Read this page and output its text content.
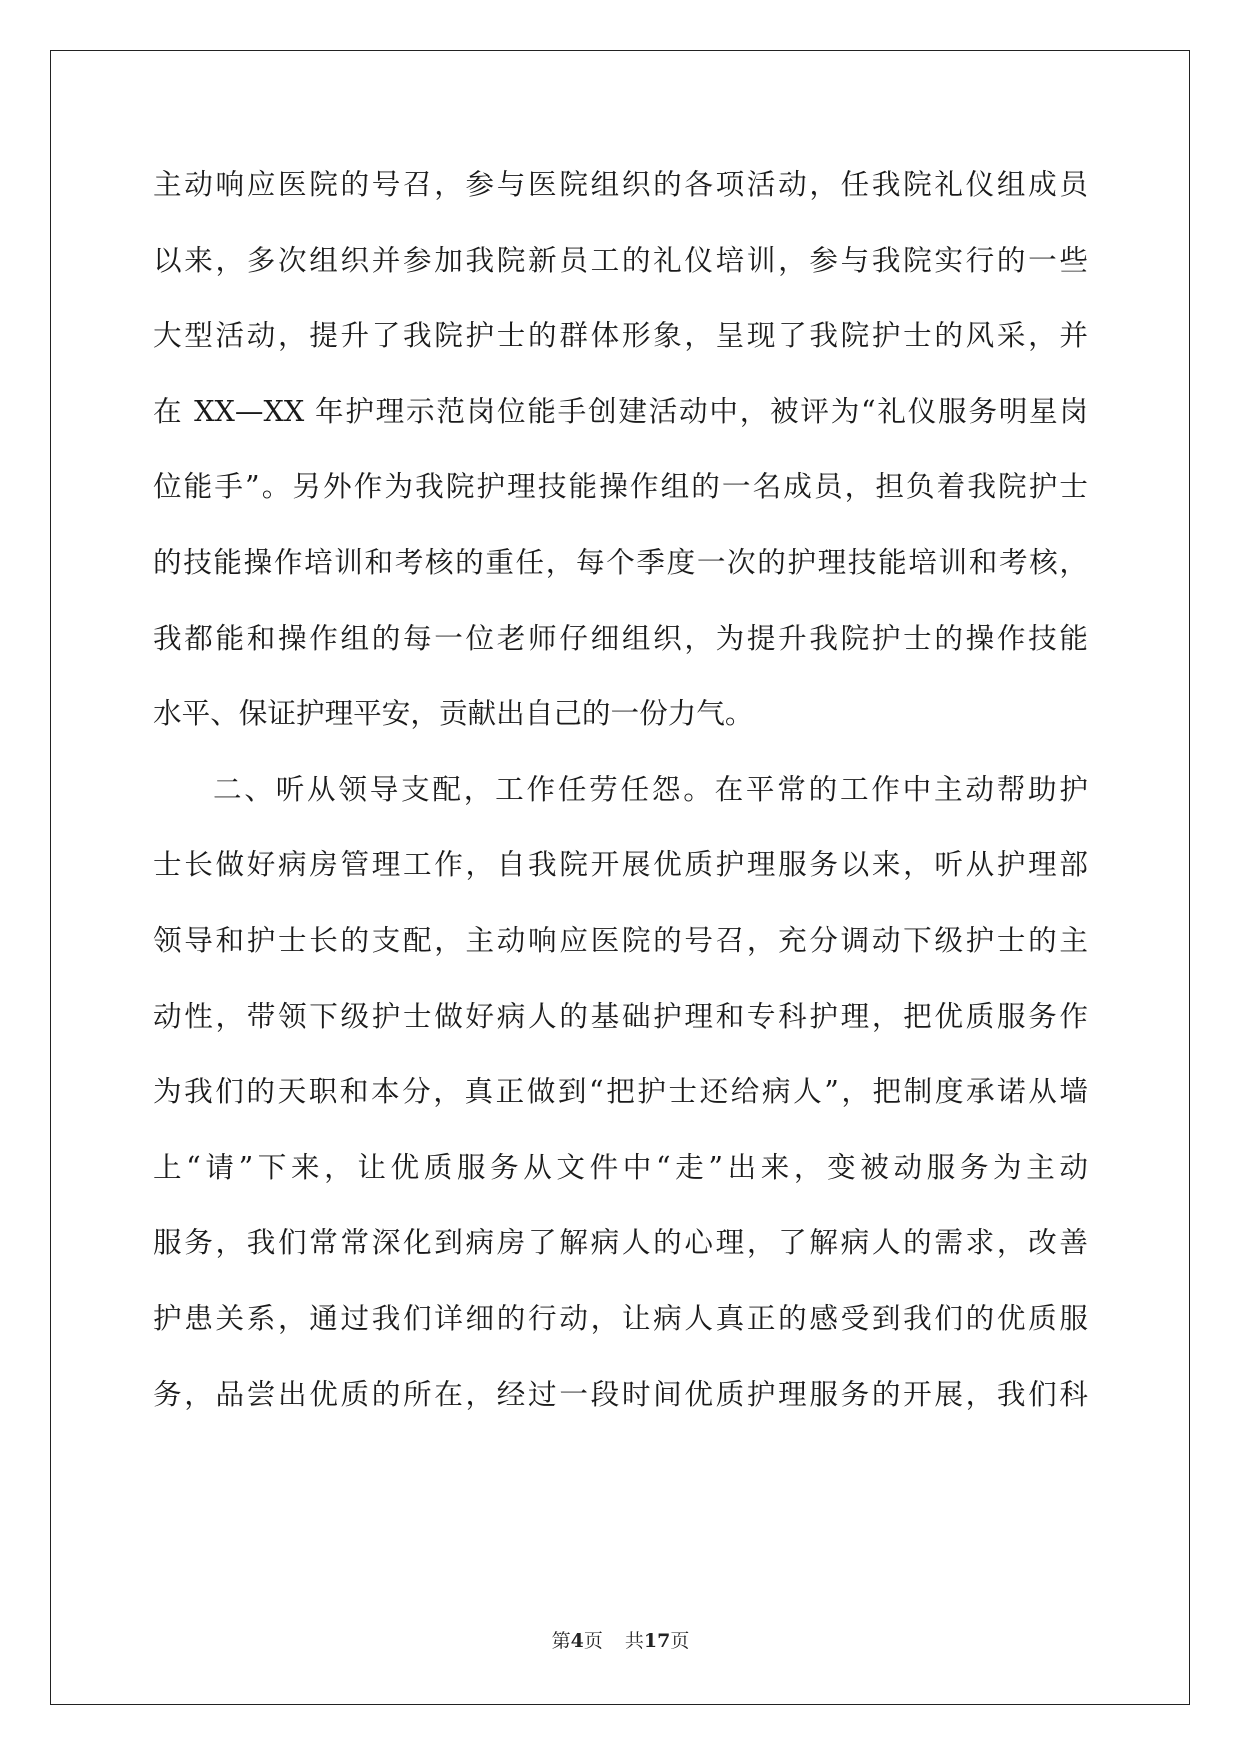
主动响应医院的号召，参与医院组织的各项活动，任我院礼仪组成员
以来，多次组织并参加我院新员工的礼仪培训，参与我院实行的一些
大型活动，提升了我院护士的群体形象，呈现了我院护士的风采，并
在 XX—XX 年护理示范岗位能手创建活动中，被评为“礼仪服务明星岗
位能手”。另外作为我院护理技能操作组的一名成员，担负着我院护士
的技能操作培训和考核的重任，每个季度一次的护理技能培训和考核，
我都能和操作组的每一位老师仔细组织，为提升我院护士的操作技能
水平、保证护理平安，贡献出自己的一份力气。
二、听从领导支配，工作任劳任怨。在平常的工作中主动帮助护
士长做好病房管理工作，自我院开展优质护理服务以来，听从护理部
领导和护士长的支配，主动响应医院的号召，充分调动下级护士的主
动性，带领下级护士做好病人的基础护理和专科护理，把优质服务作
为我们的天职和本分，真正做到“把护士还给病人”，把制度承诺从墙
上“请”下来，让优质服务从文件中“走”出来，变被动服务为主动
服务，我们常常深化到病房了解病人的心理，了解病人的需求，改善
护患关系，通过我们详细的行动，让病人真正的感受到我们的优质服
务，品尝出优质的所在，经过一段时间优质护理服务的开展，我们科
第4页 共17页
